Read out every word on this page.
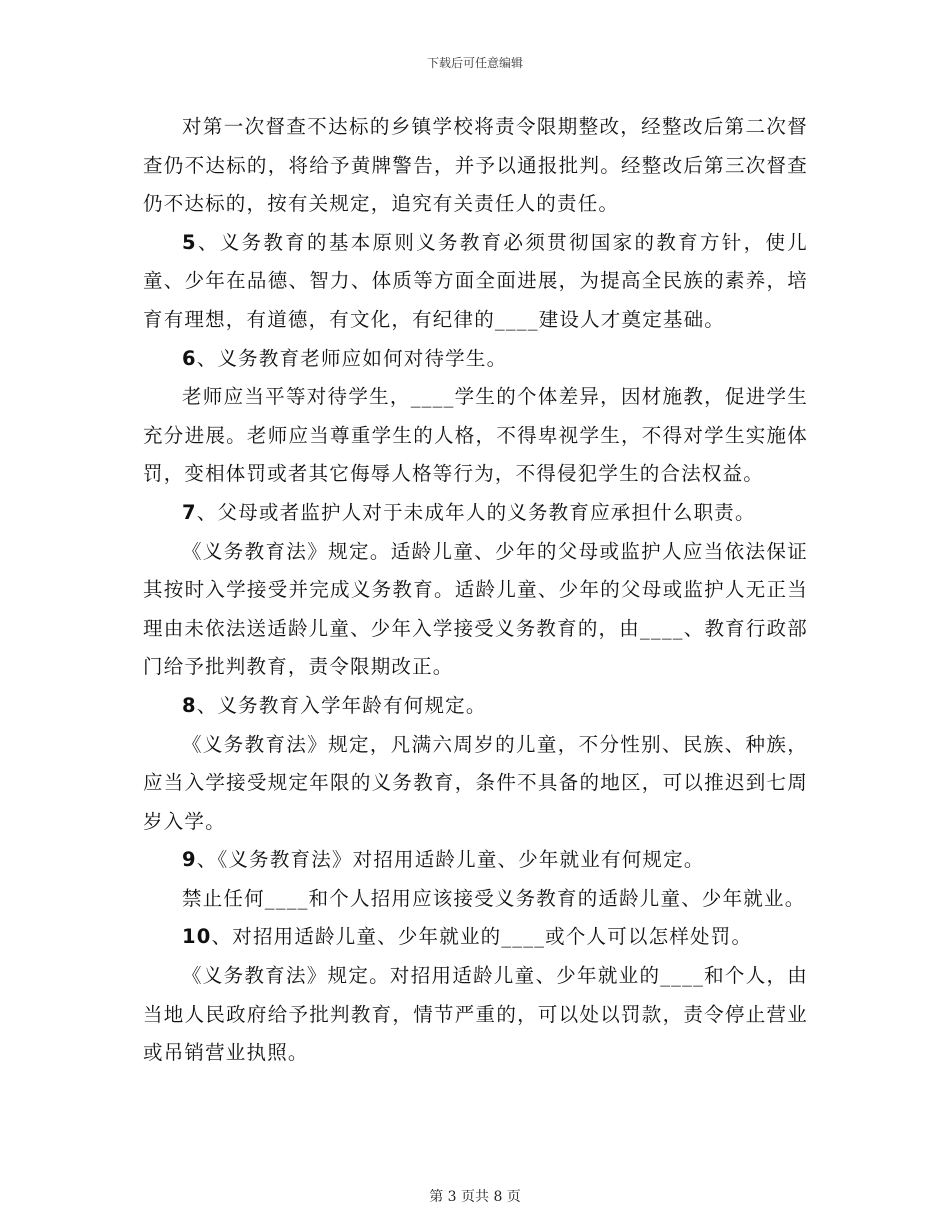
下载后可任意编辑

对第一次督查不达标的乡镇学校将责令限期整改，经整改后第二次督查仍不达标的，将给予黄牌警告，并予以通报批判。经整改后第三次督查仍不达标的，按有关规定，追究有关责任人的责任。

5、义务教育的基本原则义务教育必须贯彻国家的教育方针，使儿童、少年在品德、智力、体质等方面全面进展，为提高全民族的素养，培育有理想，有道德，有文化，有纪律的____建设人才奠定基础。

6、义务教育老师应如何对待学生。

老师应当平等对待学生，____学生的个体差异，因材施教，促进学生充分进展。老师应当尊重学生的人格，不得卑视学生，不得对学生实施体罚，变相体罚或者其它侮辱人格等行为，不得侵犯学生的合法权益。

7、父母或者监护人对于未成年人的义务教育应承担什么职责。

《义务教育法》规定。适龄儿童、少年的父母或监护人应当依法保证其按时入学接受并完成义务教育。适龄儿童、少年的父母或监护人无正当理由未依法送适龄儿童、少年入学接受义务教育的，由____、教育行政部门给予批判教育，责令限期改正。

8、义务教育入学年龄有何规定。

《义务教育法》规定，凡满六周岁的儿童，不分性别、民族、种族，应当入学接受规定年限的义务教育，条件不具备的地区，可以推迟到七周岁入学。

9、《义务教育法》对招用适龄儿童、少年就业有何规定。

禁止任何____和个人招用应该接受义务教育的适龄儿童、少年就业。

10、对招用适龄儿童、少年就业的____或个人可以怎样处罚。

《义务教育法》规定。对招用适龄儿童、少年就业的____和个人，由当地人民政府给予批判教育，情节严重的，可以处以罚款，责令停止营业或吊销营业执照。

第 3 页共 8 页
